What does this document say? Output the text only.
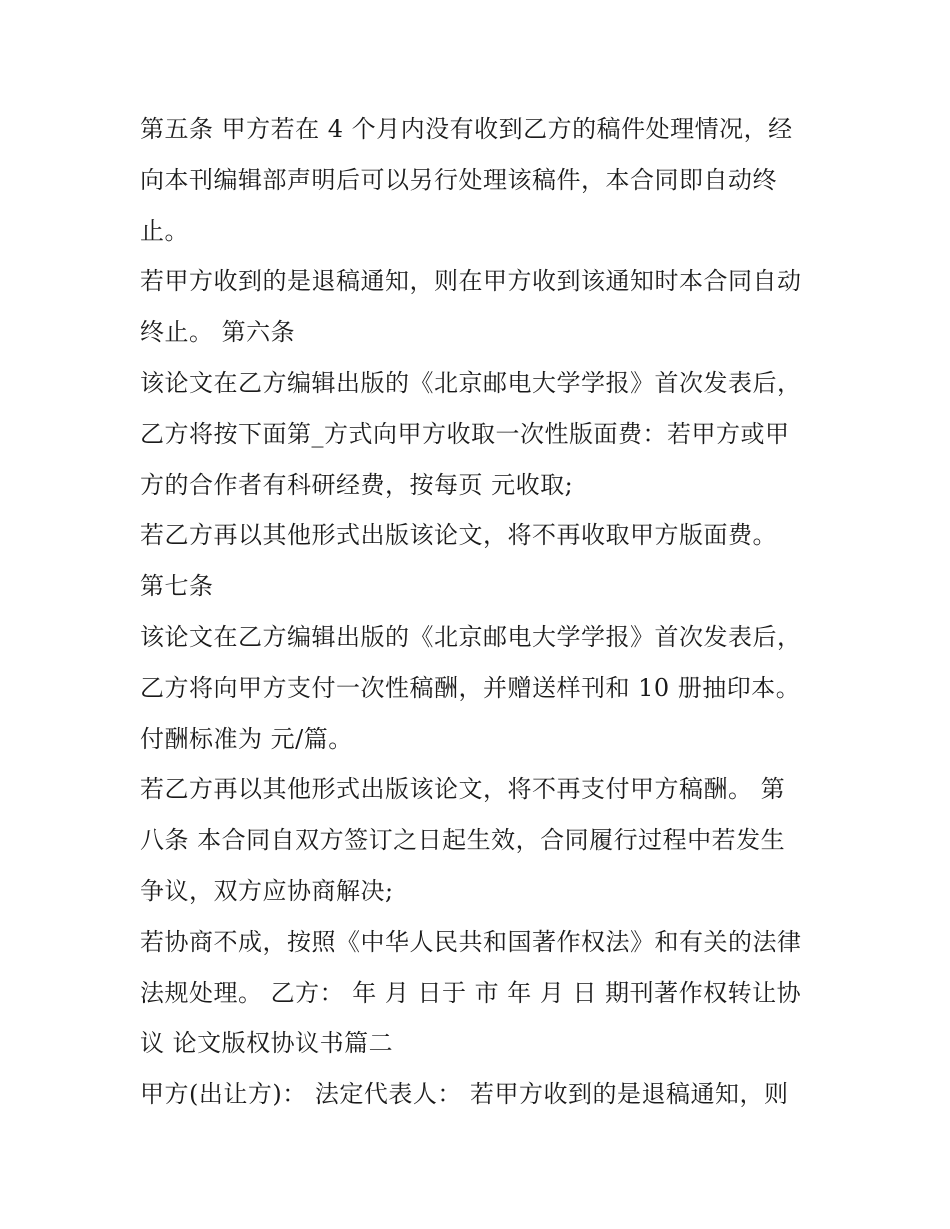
第五条 甲方若在 4 个月内没有收到乙方的稿件处理情况，经
向本刊编辑部声明后可以另行处理该稿件，本合同即自动终
止。
若甲方收到的是退稿通知，则在甲方收到该通知时本合同自动
终止。 第六条
该论文在乙方编辑出版的《北京邮电大学学报》首次发表后，
乙方将按下面第_方式向甲方收取一次性版面费：若甲方或甲
方的合作者有科研经费，按每页 元收取;
若乙方再以其他形式出版该论文，将不再收取甲方版面费。
第七条
该论文在乙方编辑出版的《北京邮电大学学报》首次发表后，
乙方将向甲方支付一次性稿酬，并赠送样刊和 10 册抽印本。
付酬标准为 元/篇。
若乙方再以其他形式出版该论文，将不再支付甲方稿酬。 第
八条 本合同自双方签订之日起生效，合同履行过程中若发生
争议，双方应协商解决;
若协商不成，按照《中华人民共和国著作权法》和有关的法律
法规处理。 乙方： 年 月 日于 市 年 月 日 期刊著作权转让协
议 论文版权协议书篇二
甲方(出让方)： 法定代表人： 若甲方收到的是退稿通知，则
